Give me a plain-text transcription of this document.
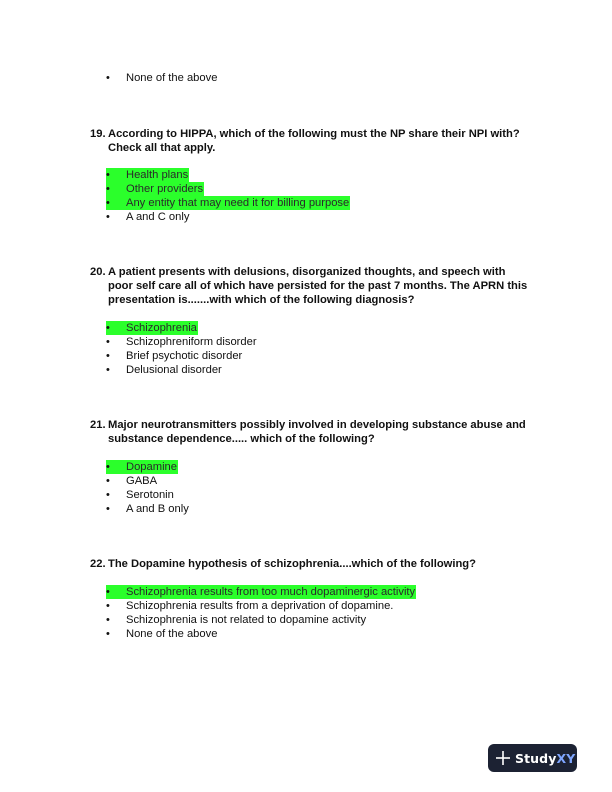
•	None of the above
19. According to HIPPA, which of the following must the NP share their NPI with?
Check all that apply.
•	Health plans
•	Other providers
•	Any entity that may need it for billing purpose
•	A and C only
20. A patient presents with delusions, disorganized thoughts, and speech with
poor self care all of which have persisted for the past 7 months. The APRN this
presentation is.......with which of the following diagnosis?
•	Schizophrenia
•	Schizophreniform disorder
•	Brief psychotic disorder
•	Delusional disorder
21. Major neurotransmitters possibly involved in developing substance abuse and
substance dependence..... which of the following?
•	Dopamine
•	GABA
•	Serotonin
•	A and B only
22. The Dopamine hypothesis of schizophrenia....which of the following?
•	Schizophrenia results from too much dopaminergic activity
•	Schizophrenia results from a deprivation of dopamine.
•	Schizophrenia is not related to dopamine activity
•	None of the above
StudyXY
